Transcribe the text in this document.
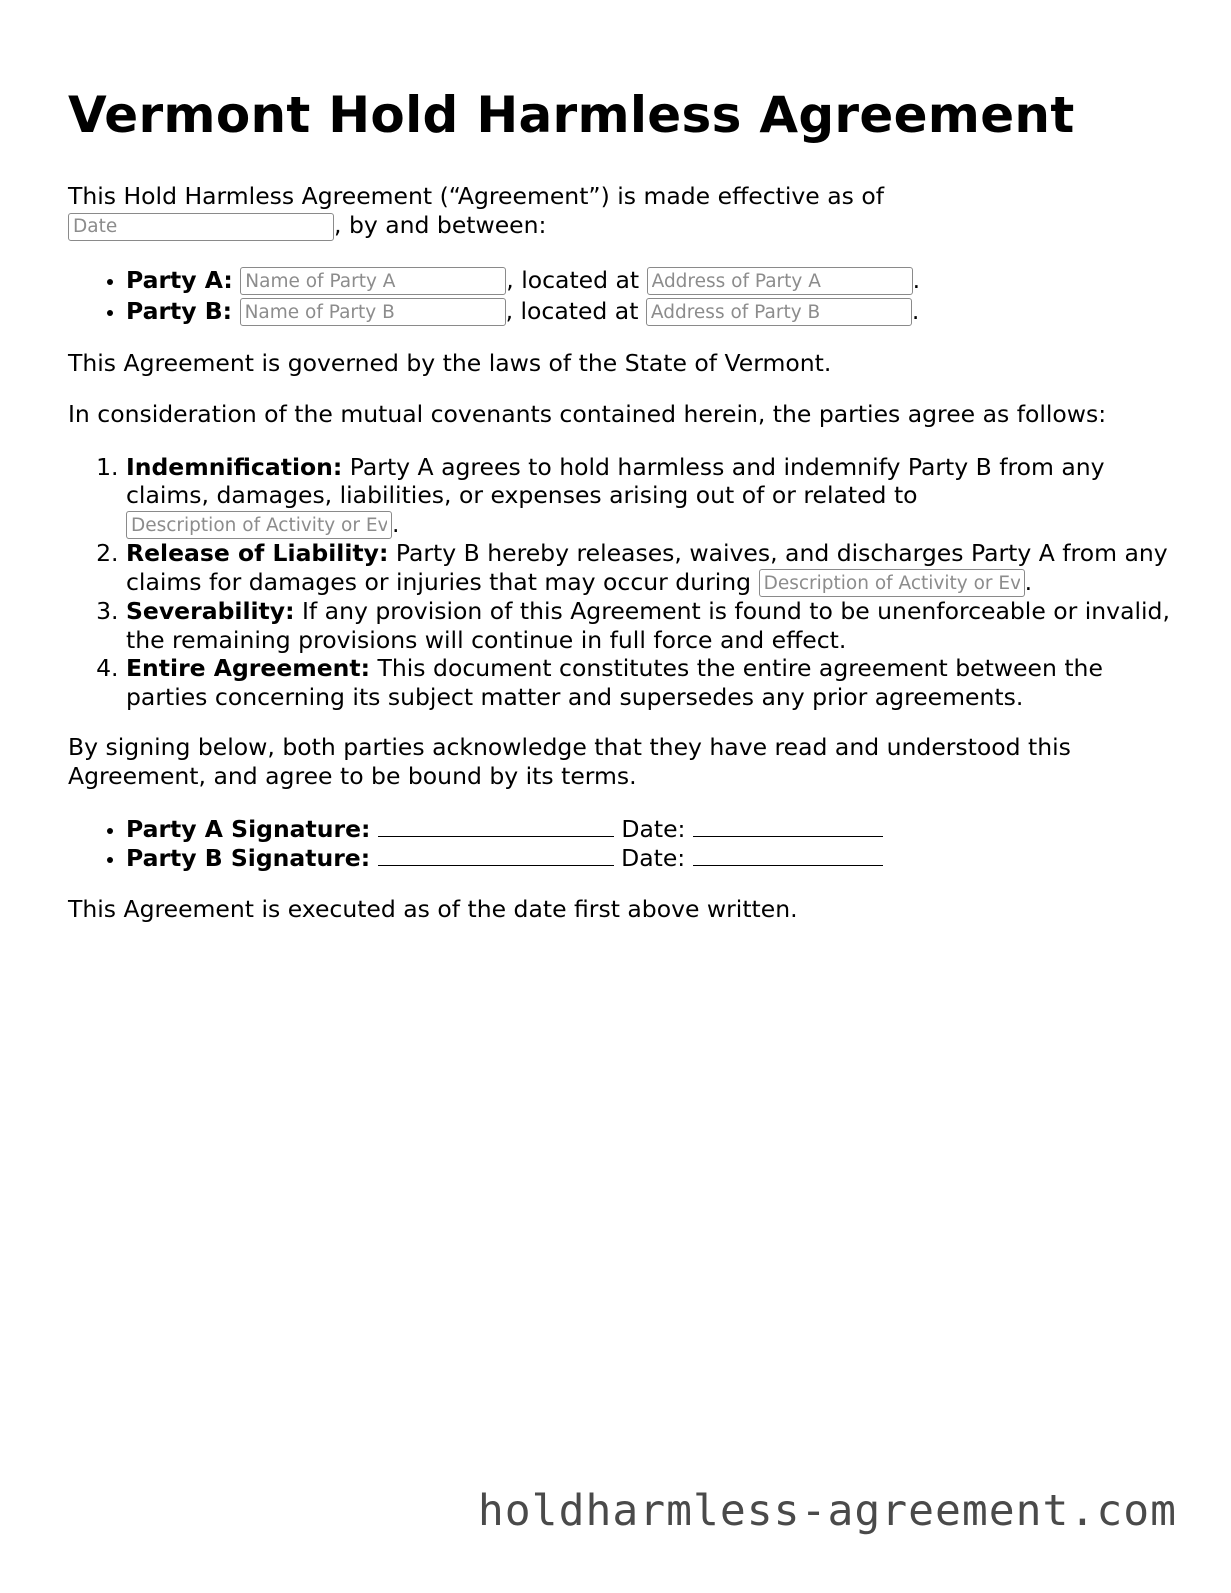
Vermont Hold Harmless Agreement

This Hold Harmless Agreement (“Agreement”) is made effective as of
Date, by and between:

• Party A: Name of Party A	, located at Address of Party A	.
• Party B: Name of Party B	, located at Address of Party B	.

This Agreement is governed by the laws of the State of Vermont.

In consideration of the mutual covenants contained herein, the parties agree as follows:

1. Indemnification: Party A agrees to hold harmless and indemnify Party B from any claims, damages, liabilities, or expenses arising out of or related to
Description of Activity or Event.
2. Release of Liability: Party B hereby releases, waives, and discharges Party A from any claims for damages or injuries that may occur during Description of Activity or Event	.
3. Severability: If any provision of this Agreement is found to be unenforceable or invalid, the remaining provisions will continue in full force and effect.
4. Entire Agreement: This document constitutes the entire agreement between the parties concerning its subject matter and supersedes any prior agreements.

By signing below, both parties acknowledge that they have read and understood this Agreement, and agree to be bound by its terms.

• Party A Signature:	Date:
• Party B Signature:	Date:

This Agreement is executed as of the date first above written.

holdharmless-agreement.com
